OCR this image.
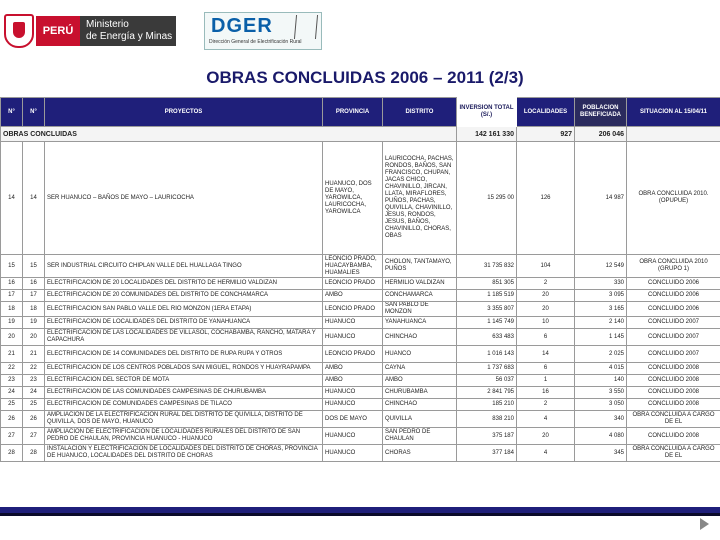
PERÚ
Ministerio
de Energía y Minas DGER
Dirección General de Electrificación Rural
OBRAS CONCLUIDAS 2006 – 2011 (2/3)
N°	N°	PROYECTOS	PROVINCIA	DISTRITO	INVERSION TOTAL (S/.)	LOCALIDADES	POBLACION BENEFICIADA	SITUACION AL 15/04/11
OBRAS CONCLUIDAS					142 161 330	927	206 046	
14	14	SER HUANUCO – BAÑOS DE MAYO – LAURICOCHA	HUANUCO, DOS DE MAYO, YAROWILCA, LAURICOCHA, YAROWILCA	LAURICOCHA, PACHAS, RONDOS, BAÑOS, SAN FRANCISCO, CHUPAN, JACAS CHICO, CHAVINILLO, JIRCAN, LLATA, MIRAFLORES, PUÑOS, PACHAS, QUIVILLA, CHAVINILLO, JESUS, RONDOS, JESUS, BAÑOS, CHAVINILLO, CHORAS, OBAS	15 295 00	126	14 987	OBRA CONCLUIDA 2010. (OPUPUE)
15	15	SER INDUSTRIAL CIRCUITO CHIPLAN VALLE DEL HUALLAGA TINGO	LEONCIO PRADO, HUACAYBAMBA, HUAMALIES	CHOLON, TANTAMAYO, PUÑOS	31 735 832	104	12 549	OBRA CONCLUIDA 2010 (GRUPO 1)
16	16	ELECTRIFICACION DE 20 LOCALIDADES DEL DISTRITO DE HERMILIO VALDIZAN	LEONCIO PRADO	HERMILIO VALDIZAN	851 305	2	330	CONCLUIDO 2006
17	17	ELECTRIFICACION DE 20 COMUNIDADES DEL DISTRITO DE CONCHAMARCA	AMBO	CONCHAMARCA	1 185 519	20	3 095	CONCLUIDO 2006
18	18	ELECTRIFICACION SAN PABLO VALLE DEL RIO MONZON (1ERA ETAPA)	LEONCIO PRADO	SAN PABLO DE MONZON	3 355 807	20	3 165	CONCLUIDO 2006
19	19	ELECTRIFICACION DE LOCALIDADES DEL DISTRITO DE YANAHUANCA	HUANUCO	YANAHUANCA	1 145 749	10	2 140	CONCLUIDO 2007
20	20	ELECTRIFICACION DE LAS LOCALIDADES DE VILLASOL, COCHABAMBA, RANCHO, MATARA Y CAPACHURA	HUANUCO	CHINCHAO	633 483	6	1 145	CONCLUIDO 2007
21	21	ELECTRIFICACION DE 14 COMUNIDADES DEL DISTRITO DE RUPA RUPA Y OTROS	LEONCIO PRADO	HUANCO	1 016 143	14	2 025	CONCLUIDO 2007
22	22	ELECTRIFICACION DE LOS CENTROS POBLADOS SAN MIGUEL, RONDOS Y HUAYRAPAMPA	AMBO	CAYNA	1 737 683	6	4 015	CONCLUIDO 2008
23	23	ELECTRIFICACION DEL SECTOR DE MOTA	AMBO	AMBO	56 037	1	140	CONCLUIDO 2008
24	24	ELECTRIFICACION DE LAS COMUNIDADES CAMPESINAS DE CHURUBAMBA	HUANUCO	CHURUBAMBA	2 841 795	16	3 550	CONCLUIDO 2008
25	25	ELECTRIFICACION DE COMUNIDADES CAMPESINAS DE TILACO	HUANUCO	CHINCHAO	185 210	2	3 050	CONCLUIDO 2008
26	26	AMPLIACION DE LA ELECTRIFICACION RURAL DEL DISTRITO DE QUIVILLA, DISTRITO DE QUIVILLA, DOS DE MAYO, HUANUCO	DOS DE MAYO	QUIVILLA	838 210	4	340	OBRA CONCLUIDA A CARGO DE EL
27	27	AMPLIACION DE ELECTRIFICACION DE LOCALIDADES RURALES DEL DISTRITO DE SAN PEDRO DE CHAULAN, PROVINCIA HUANUCO - HUANUCO	HUANUCO	SAN PEDRO DE CHAULAN	375 187	20	4 080	CONCLUIDO 2008
28	28	INSTALACION Y ELECTRIFICACION DE LOCALIDADES DEL DISTRITO DE CHORAS, PROVINCIA DE HUANUCO, LOCALIDADES DEL DISTRITO DE CHORAS	HUANUCO	CHORAS	377 184	4	345	OBRA CONCLUIDA A CARGO DE EL
